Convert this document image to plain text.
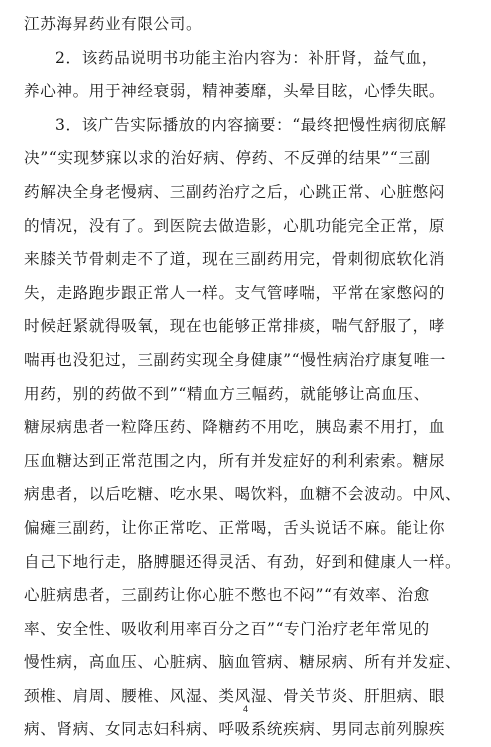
江苏海昇药业有限公司。
2．该药品说明书功能主治内容为：补肝肾，益气血，
养心神。用于神经衰弱，精神萎靡，头晕目眩，心悸失眠。
3．该广告实际播放的内容摘要：“最终把慢性病彻底解
决”“实现梦寐以求的治好病、停药、不反弹的结果”“三副
药解决全身老慢病、三副药治疗之后，心跳正常、心脏憋闷
的情况，没有了。到医院去做造影，心肌功能完全正常，原
来膝关节骨刺走不了道，现在三副药用完，骨刺彻底软化消
失，走路跑步跟正常人一样。支气管哮喘，平常在家憋闷的
时候赶紧就得吸氧，现在也能够正常排痰，喘气舒服了，哮
喘再也没犯过，三副药实现全身健康”“慢性病治疗康复唯一
用药，别的药做不到”“精血方三幅药，就能够让高血压、
糖尿病患者一粒降压药、降糖药不用吃，胰岛素不用打，血
压血糖达到正常范围之内，所有并发症好的利利索索。糖尿
病患者，以后吃糖、吃水果、喝饮料，血糖不会波动。中风、
偏瘫三副药，让你正常吃、正常喝，舌头说话不麻。能让你
自己下地行走，胳膊腿还得灵活、有劲，好到和健康人一样。
心脏病患者，三副药让你心脏不憋也不闷”“有效率、治愈
率、安全性、吸收利用率百分之百”“专门治疗老年常见的
慢性病，高血压、心脏病、脑血管病、糖尿病、所有并发症、
颈椎、肩周、腰椎、风湿、类风湿、骨关节炎、肝胆病、眼
病、肾病、女同志妇科病、呼吸系统疾病、男同志前列腺疾
4
